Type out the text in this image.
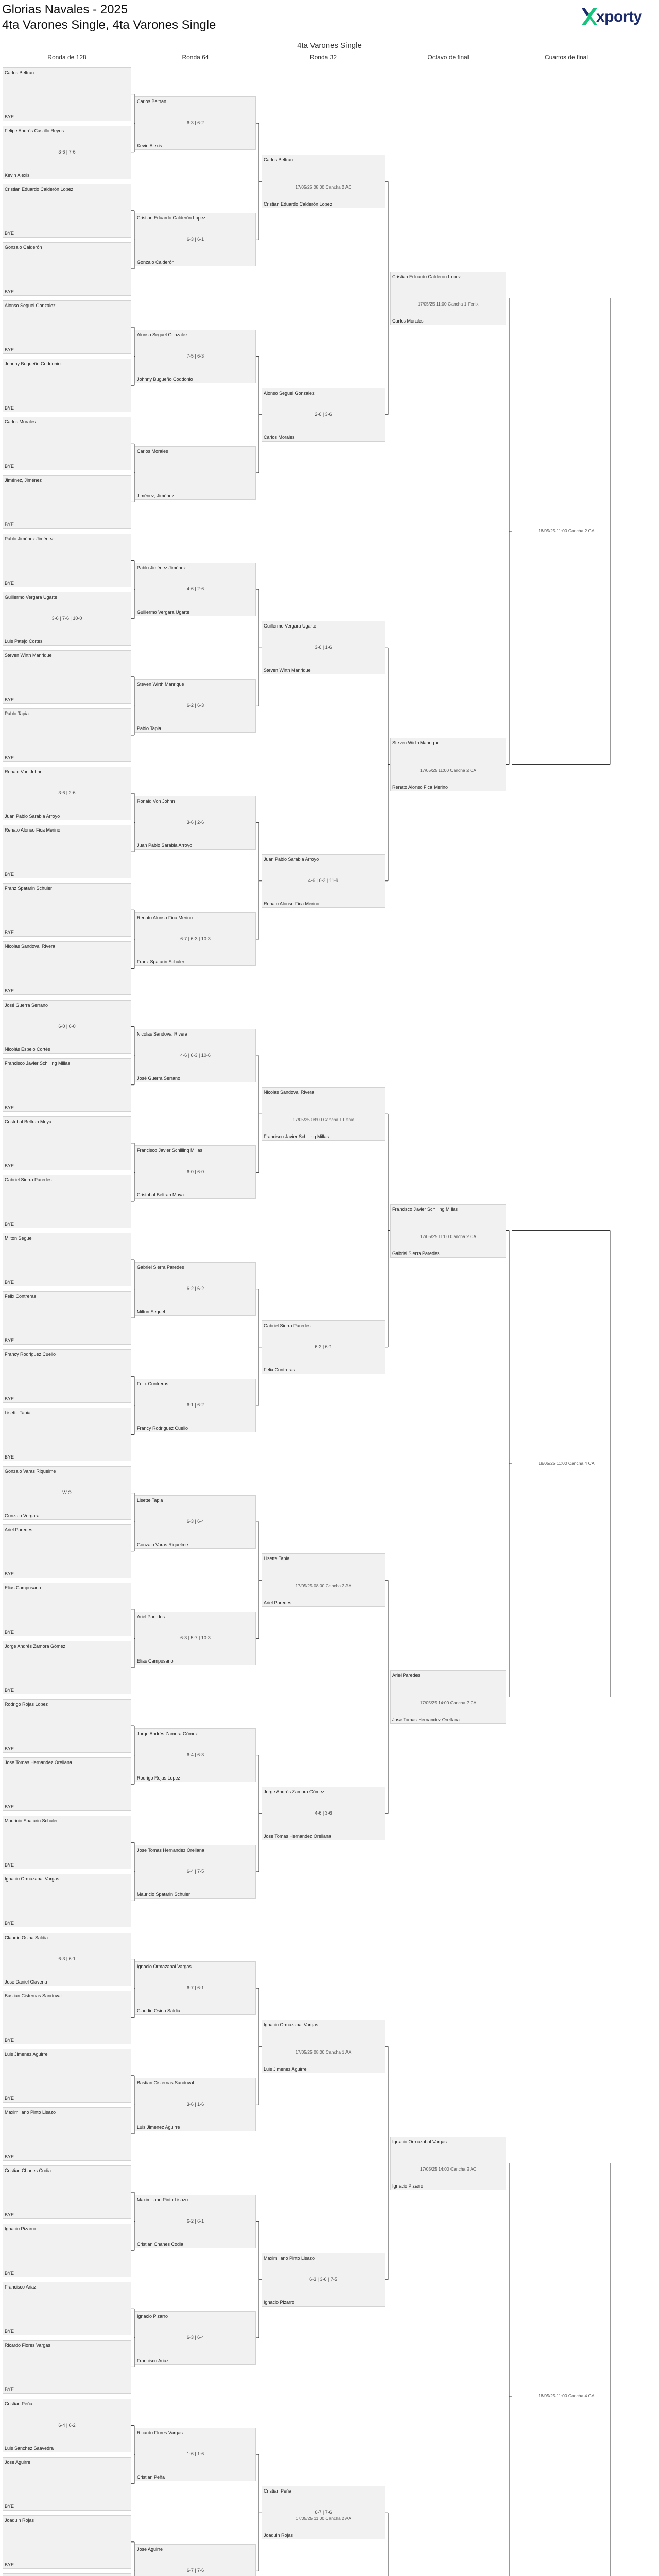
Glorias Navales - 2025
4ta Varones Single, 4ta Varones Single	xporty
4ta Varones Single
Ronda de 128	Ronda 64	Ronda 32	Octavo de final	Cuartos de final
Carlos Beltran
BYE
Felipe Andrés Castillo Reyes
3-6 | 7-6
Kevin Alexis
Cristian Eduardo Calderón Lopez
BYE
Gonzalo Calderón
BYE
Alonso Seguel Gonzalez
BYE
Johnny Bugueño Coddonio
BYE
Carlos Morales
BYE
Jiménez, Jiménez
BYE
Pablo Jiménez Jiménez
BYE
Guillermo Vergara Ugarte
3-6 | 7-6 | 10-0
Luis Patejo Cortes
Steven Wirth Manrique
BYE
Pablo Tapia
BYE
Ronald Von Johnn
3-6 | 2-6
Juan Pablo Sarabia Arroyo
Renato Alonso Fica Merino
BYE
Franz Spatarin Schuler
BYE
Nicolas Sandoval Rivera
BYE
José Guerra Serrano
6-0 | 6-0
Nicolás Espejo Cortés
Francisco Javier Schilling Millas
BYE
Cristobal Beltran Moya
BYE
Gabriel Sierra Paredes
BYE
Milton Seguel
BYE
Felix Contreras
BYE
Francy Rodriguez Cuello
BYE
Lisette Tapia
BYE
Gonzalo Varas Riquelme
W.O
Gonzalo Vergara
Ariel Paredes
BYE
Elias Campusano
BYE
Jorge Andrés Zamora Gómez
BYE
Rodrigo Rojas Lopez
BYE
Jose Tomas Hernandez Orellana
BYE
Mauricio Spatarin Schuler
BYE
Ignacio Ormazabal Vargas
BYE
Claudio Osina Saldia
6-3 | 6-1
Jose Daniel Claveria
Bastian Cisternas Sandoval
BYE
Luis Jimenez Aguirre
BYE
Maximiliano Pinto Lisazo
BYE
Cristian Chanes Codia
BYE
Ignacio Pizarro
BYE
Francisco Ariaz
BYE
Ricardo Flores Vargas
BYE
Cristian Peña
6-4 | 6-2
Luis Sanchez Saavedra
Jose Aguirre
BYE
Joaquin Rojas
BYE
Carlos Beltran
6-3 | 6-2
Kevin Alexis
Cristian Eduardo Calderón Lopez
6-3 | 6-1
Gonzalo Calderón
Alonso Seguel Gonzalez
7-5 | 6-3
Johnny Bugueño Coddonio
Carlos Morales
Jiménez, Jiménez
Pablo Jiménez Jiménez
4-6 | 2-6
Guillermo Vergara Ugarte
Steven Wirth Manrique
6-2 | 6-3
Pablo Tapia
Ronald Von Johnn
3-6 | 2-6
Juan Pablo Sarabia Arroyo
Renato Alonso Fica Merino
6-7 | 6-3 | 10-3
Franz Spatarin Schuler
Nicolas Sandoval Rivera
4-6 | 6-3 | 10-6
José Guerra Serrano
Francisco Javier Schilling Millas
6-0 | 6-0
Cristobal Beltran Moya
Gabriel Sierra Paredes
6-2 | 6-2
Milton Seguel
Felix Contreras
6-1 | 6-2
Francy Rodriguez Cuello
Lisette Tapia
6-3 | 6-4
Gonzalo Varas Riquelme
Ariel Paredes
6-3 | 5-7 | 10-3
Elias Campusano
Jorge Andrés Zamora Gómez
6-4 | 6-3
Rodrigo Rojas Lopez
Jose Tomas Hernandez Orellana
6-4 | 7-5
Mauricio Spatarin Schuler
Ignacio Ormazabal Vargas
6-7 | 6-1
Claudio Osina Saldia
Bastian Cisternas Sandoval
3-6 | 1-6
Luis Jimenez Aguirre
Maximiliano Pinto Lisazo
6-2 | 6-1
Cristian Chanes Codia
Ignacio Pizarro
6-3 | 6-4
Francisco Ariaz
Ricardo Flores Vargas
1-6 | 1-6
Cristian Peña
Jose Aguirre
6-7 | 7-6
Carlos Beltran
17/05/25 08:00 Cancha 2 AC
Cristian Eduardo Calderón Lopez
Alonso Seguel Gonzalez
2-6 | 3-6
Carlos Morales
Guillermo Vergara Ugarte
3-6 | 1-6
Steven Wirth Manrique
Juan Pablo Sarabia Arroyo
4-6 | 6-3 | 11-9
Renato Alonso Fica Merino
Nicolas Sandoval Rivera
17/05/25 08:00 Cancha 1 Fenix
Francisco Javier Schilling Millas
Gabriel Sierra Paredes
6-2 | 6-1
Felix Contreras
Lisette Tapia
17/05/25 08:00 Cancha 2 AA
Ariel Paredes
Jorge Andrés Zamora Gómez
4-6 | 3-6
Jose Tomas Hernandez Orellana
Ignacio Ormazabal Vargas
17/05/25 08:00 Cancha 1 AA
Luis Jimenez Aguirre
Maximiliano Pinto Lisazo
6-3 | 3-6 | 7-5
Ignacio Pizarro
Cristian Peña
6-7 | 7-6
17/05/25 11:00 Cancha 2 AA
Joaquin Rojas
Cristian Eduardo Calderón Lopez
17/05/25 11:00 Cancha 1 Fenix
Carlos Morales
Steven Wirth Manrique
17/05/25 11:00 Cancha 2 CA
Renato Alonso Fica Merino
Francisco Javier Schilling Millas
17/05/25 11:00 Cancha 2 CA
Gabriel Sierra Paredes
Ariel Paredes
17/05/25 14:00 Cancha 2 CA
Jose Tomas Hernandez Orellana
Ignacio Ormazabal Vargas
17/05/25 14:00 Cancha 2 AC
Ignacio Pizarro
18/05/25 11:00 Cancha 2 CA
18/05/25 11:00 Cancha 4 CA
18/05/25 11:00 Cancha 4 CA
